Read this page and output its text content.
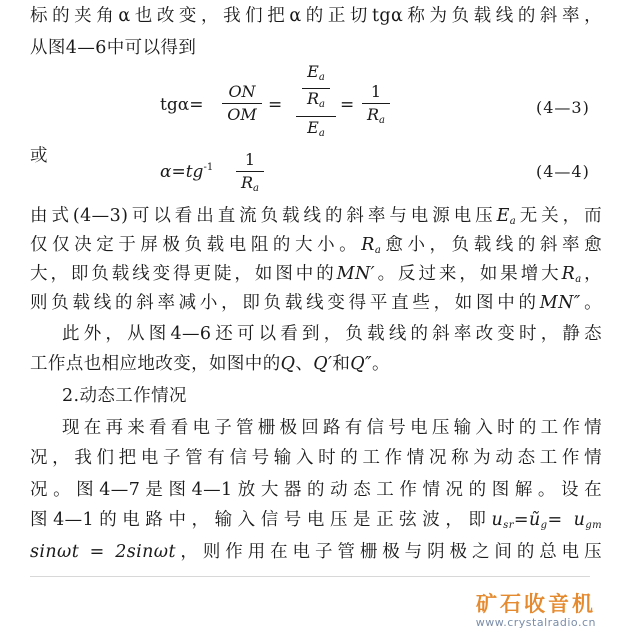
标的夹角α也改变，我们把α的正切tgα称为负载线的斜率，
从图4—6中可以得到
tgα=
ON
OM =
$E_a$
$R_a$
$E_a$
=
1
$R_a$
(4—3)
或
$\alpha=tg^{-1}$	1
$R_a$
(4—4)
由式(4—3)可以看出直流负载线的斜率与电源电压$E_a$无关，而
仅仅决定于屏极负载电阻的大小。$R_a$愈小，负载线的斜率愈
大，即负载线变得更陡，如图中的MN′。反过来，如果增大$R_a$，
则负载线的斜率减小，即负载线变得平直些，如图中的MN″。
此外，从图4—6还可以看到，负载线的斜率改变时，静态
工作点也相应地改变，如图中的Q、Q′和Q″。
2.动态工作情况
现在再来看看电子管栅极回路有信号电压输入时的工作情
况，我们把电子管有信号输入时的工作情况称为动态工作情
况。图4—7是图4—1放大器的动态工作情况的图解。设在
图4—1的电路中，输入信号电压是正弦波，即$u_{sr}=ũ_g= u_{gm}$
sinωt = 2sinωt，则作用在电子管栅极与阴极之间的总电压
矿石收音机
www.crystalradio.cn
